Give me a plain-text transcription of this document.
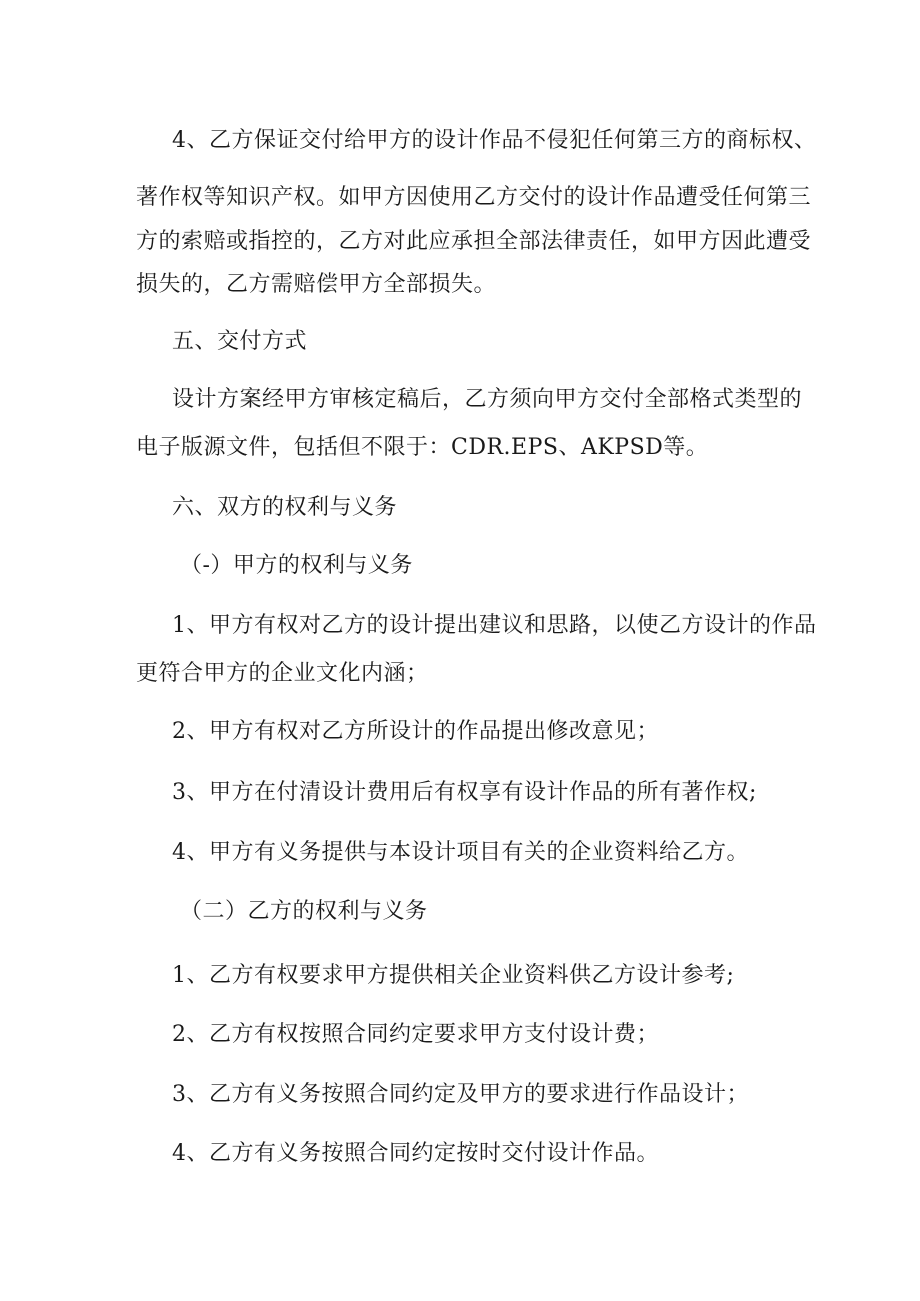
4、乙方保证交付给甲方的设计作品不侵犯任何第三方的商标权、
著作权等知识产权。如甲方因使用乙方交付的设计作品遭受任何第三
方的索赔或指控的，乙方对此应承担全部法律责任，如甲方因此遭受
损失的，乙方需赔偿甲方全部损失。
五、交付方式
设计方案经甲方审核定稿后，乙方须向甲方交付全部格式类型的
电子版源文件，包括但不限于：CDR.EPS、AKPSD等。
六、双方的权利与义务
（-）甲方的权利与义务
1、甲方有权对乙方的设计提出建议和思路，以使乙方设计的作品
更符合甲方的企业文化内涵；
2、甲方有权对乙方所设计的作品提出修改意见；
3、甲方在付清设计费用后有权享有设计作品的所有著作权;
4、甲方有义务提供与本设计项目有关的企业资料给乙方。
（二）乙方的权利与义务
1、乙方有权要求甲方提供相关企业资料供乙方设计参考;
2、乙方有权按照合同约定要求甲方支付设计费；
3、乙方有义务按照合同约定及甲方的要求进行作品设计；
4、乙方有义务按照合同约定按时交付设计作品。
